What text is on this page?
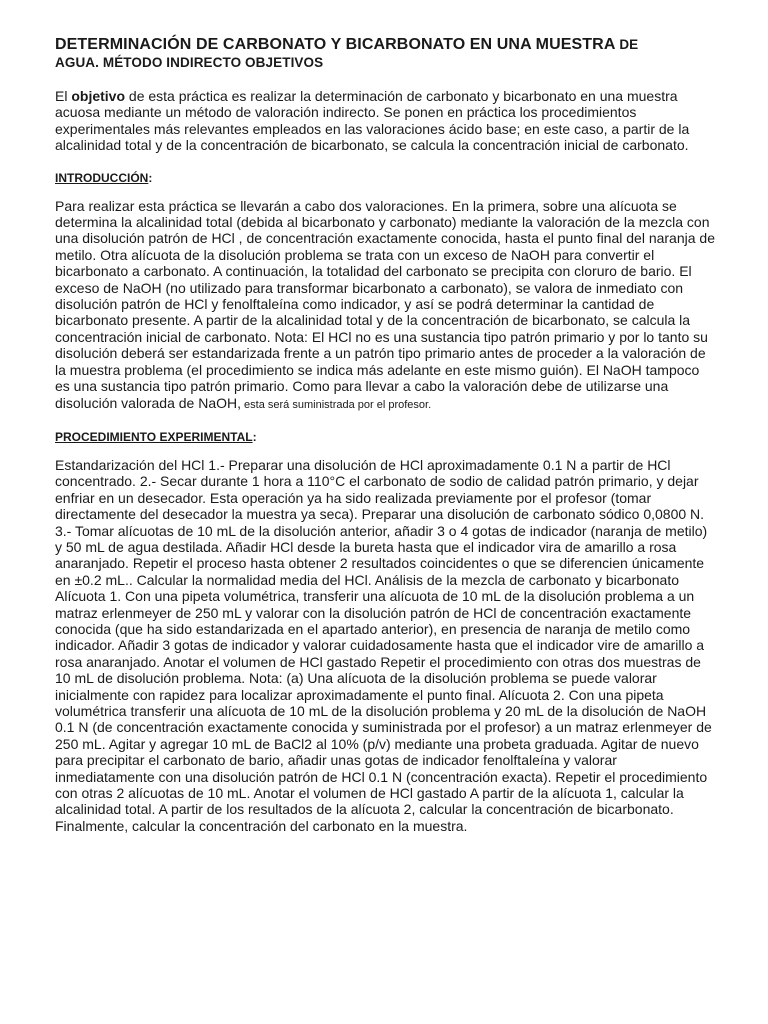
DETERMINACIÓN DE CARBONATO Y BICARBONATO EN UNA MUESTRA DE
AGUA. MÉTODO INDIRECTO OBJETIVOS

El objetivo de esta práctica es realizar la determinación de carbonato y bicarbonato en una muestra acuosa mediante un método de valoración indirecto. Se ponen en práctica los procedimientos experimentales más relevantes empleados en las valoraciones ácido base; en este caso, a partir de la alcalinidad total y de la concentración de bicarbonato, se calcula la concentración inicial de carbonato.

INTRODUCCIÓN:

Para realizar esta práctica se llevarán a cabo dos valoraciones. En la primera, sobre una alícuota se determina la alcalinidad total (debida al bicarbonato y carbonato) mediante la valoración de la mezcla con una disolución patrón de HCl , de concentración exactamente conocida, hasta el punto final del naranja de metilo. Otra alícuota de la disolución problema se trata con un exceso de NaOH para convertir el bicarbonato a carbonato. A continuación, la totalidad del carbonato se precipita con cloruro de bario. El exceso de NaOH (no utilizado para transformar bicarbonato a carbonato), se valora de inmediato con disolución patrón de HCl y fenolftaleína como indicador, y así se podrá determinar la cantidad de bicarbonato presente. A partir de la alcalinidad total y de la concentración de bicarbonato, se calcula la concentración inicial de carbonato. Nota: El HCl no es una sustancia tipo patrón primario y por lo tanto su disolución deberá ser estandarizada frente a un patrón tipo primario antes de proceder a la valoración de la muestra problema (el procedimiento se indica más adelante en este mismo guión). El NaOH tampoco es una sustancia tipo patrón primario. Como para llevar a cabo la valoración debe de utilizarse una disolución valorada de NaOH, esta será suministrada por el profesor.

PROCEDIMIENTO EXPERIMENTAL:

Estandarización del HCl 1.- Preparar una disolución de HCl aproximadamente 0.1 N a partir de HCl concentrado. 2.- Secar durante 1 hora a 110°C el carbonato de sodio de calidad patrón primario, y dejar enfriar en un desecador. Esta operación ya ha sido realizada previamente por el profesor (tomar directamente del desecador la muestra ya seca). Preparar una disolución de carbonato sódico 0,0800 N. 3.- Tomar alícuotas de 10 mL de la disolución anterior, añadir 3 o 4 gotas de indicador (naranja de metilo) y 50 mL de agua destilada. Añadir HCl desde la bureta hasta que el indicador vira de amarillo a rosa anaranjado. Repetir el proceso hasta obtener 2 resultados coincidentes o que se diferencien únicamente en ±0.2 mL.. Calcular la normalidad media del HCl. Análisis de la mezcla de carbonato y bicarbonato Alícuota 1. Con una pipeta volumétrica, transferir una alícuota de 10 mL de la disolución problema a un matraz erlenmeyer de 250 mL y valorar con la disolución patrón de HCl de concentración exactamente conocida (que ha sido estandarizada en el apartado anterior), en presencia de naranja de metilo como indicador. Añadir 3 gotas de indicador y valorar cuidadosamente hasta que el indicador vire de amarillo a rosa anaranjado. Anotar el volumen de HCl gastado Repetir el procedimiento con otras dos muestras de 10 mL de disolución problema. Nota: (a) Una alícuota de la disolución problema se puede valorar inicialmente con rapidez para localizar aproximadamente el punto final. Alícuota 2. Con una pipeta volumétrica transferir una alícuota de 10 mL de la disolución problema y 20 mL de la disolución de NaOH 0.1 N (de concentración exactamente conocida y suministrada por el profesor) a un matraz erlenmeyer de 250 mL. Agitar y agregar 10 mL de BaCl2 al 10% (p/v) mediante una probeta graduada. Agitar de nuevo para precipitar el carbonato de bario, añadir unas gotas de indicador fenolftaleína y valorar inmediatamente con una disolución patrón de HCl 0.1 N (concentración exacta). Repetir el procedimiento con otras 2 alícuotas de 10 mL. Anotar el volumen de HCl gastado A partir de la alícuota 1, calcular la alcalinidad total. A partir de los resultados de la alícuota 2, calcular la concentración de bicarbonato. Finalmente, calcular la concentración del carbonato en la muestra.
